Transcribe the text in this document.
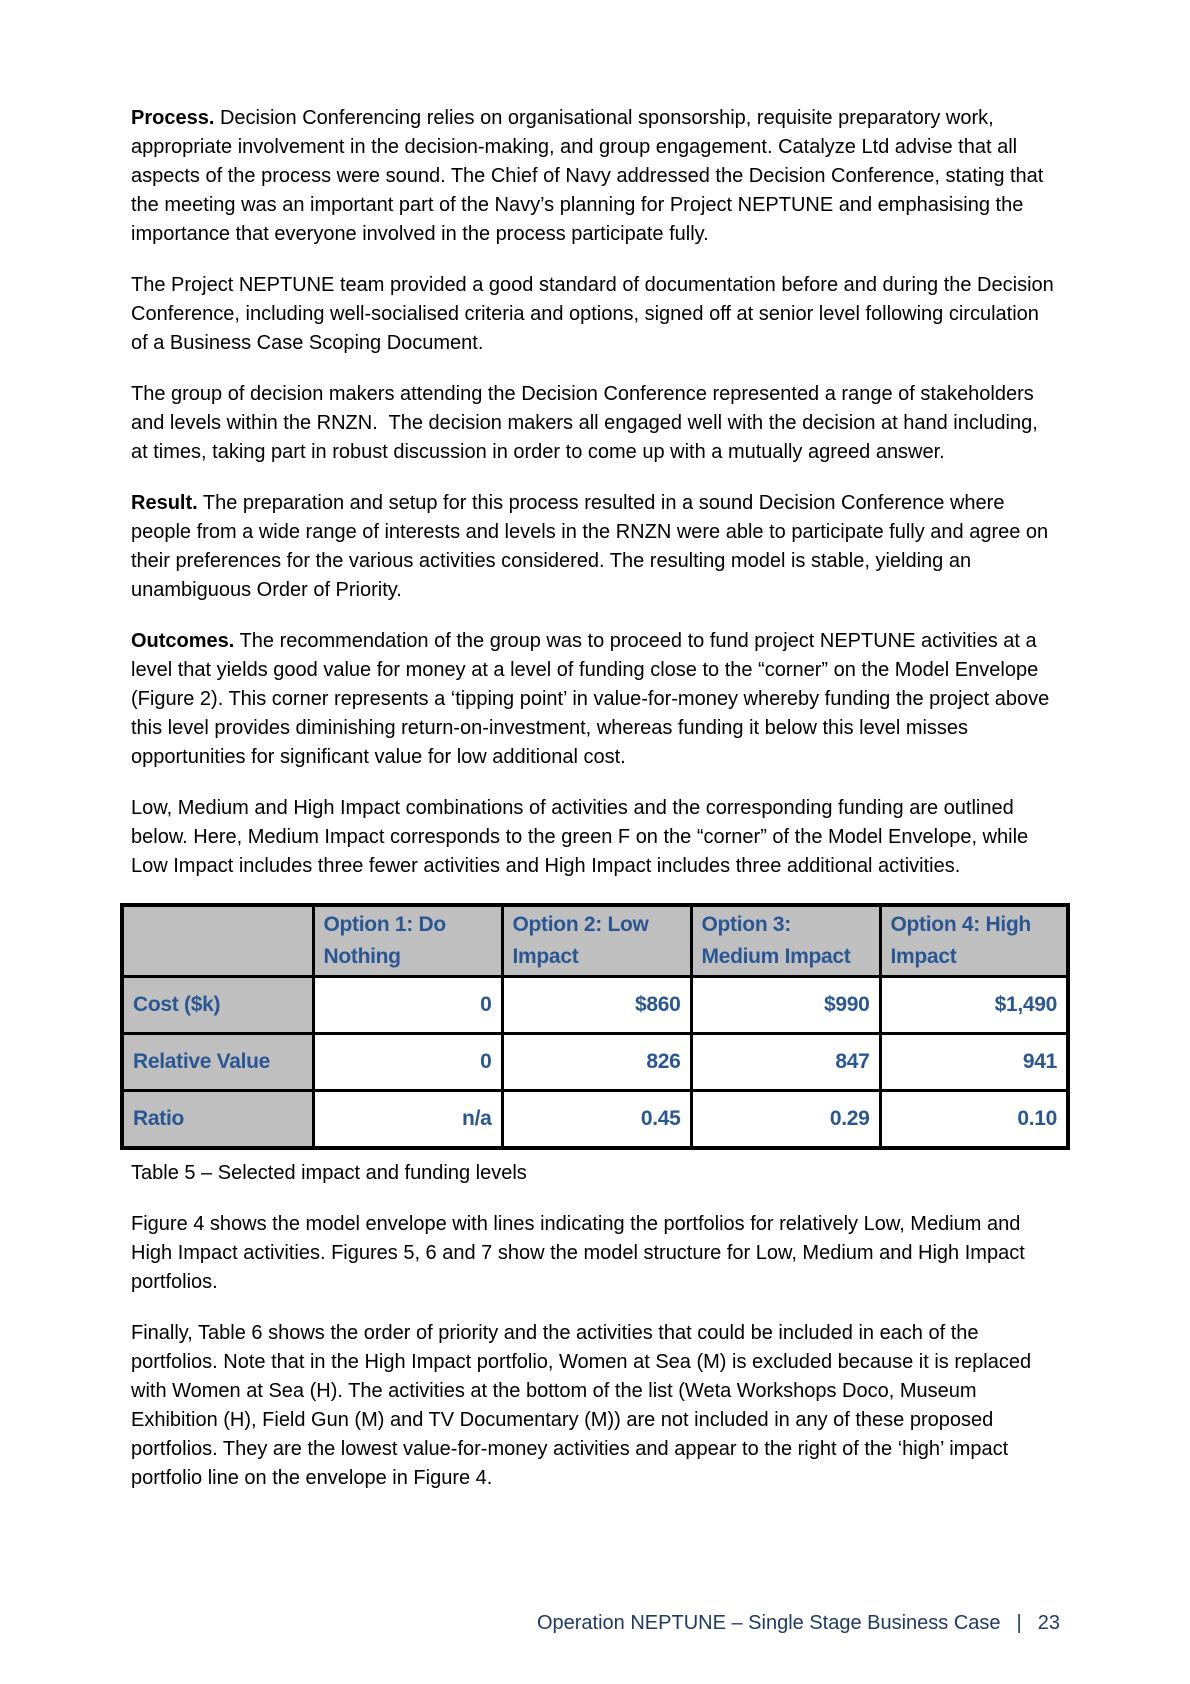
Process. Decision Conferencing relies on organisational sponsorship, requisite preparatory work, appropriate involvement in the decision-making, and group engagement. Catalyze Ltd advise that all aspects of the process were sound. The Chief of Navy addressed the Decision Conference, stating that the meeting was an important part of the Navy’s planning for Project NEPTUNE and emphasising the importance that everyone involved in the process participate fully.

The Project NEPTUNE team provided a good standard of documentation before and during the Decision Conference, including well-socialised criteria and options, signed off at senior level following circulation of a Business Case Scoping Document.

The group of decision makers attending the Decision Conference represented a range of stakeholders and levels within the RNZN.  The decision makers all engaged well with the decision at hand including, at times, taking part in robust discussion in order to come up with a mutually agreed answer.

Result. The preparation and setup for this process resulted in a sound Decision Conference where people from a wide range of interests and levels in the RNZN were able to participate fully and agree on their preferences for the various activities considered. The resulting model is stable, yielding an unambiguous Order of Priority.

Outcomes. The recommendation of the group was to proceed to fund project NEPTUNE activities at a level that yields good value for money at a level of funding close to the “corner” on the Model Envelope (Figure 2). This corner represents a ‘tipping point’ in value-for-money whereby funding the project above this level provides diminishing return-on-investment, whereas funding it below this level misses opportunities for significant value for low additional cost.

Low, Medium and High Impact combinations of activities and the corresponding funding are outlined below. Here, Medium Impact corresponds to the green F on the “corner” of the Model Envelope, while Low Impact includes three fewer activities and High Impact includes three additional activities.

	Option 1: Do Nothing	Option 2: Low Impact	Option 3: Medium Impact	Option 4: High Impact
Cost ($k)	0	$860	$990	$1,490
Relative Value	0	826	847	941
Ratio	n/a	0.45	0.29	0.10

Table 5 – Selected impact and funding levels

Figure 4 shows the model envelope with lines indicating the portfolios for relatively Low, Medium and High Impact activities. Figures 5, 6 and 7 show the model structure for Low, Medium and High Impact portfolios.

Finally, Table 6 shows the order of priority and the activities that could be included in each of the portfolios. Note that in the High Impact portfolio, Women at Sea (M) is excluded because it is replaced with Women at Sea (H). The activities at the bottom of the list (Weta Workshops Doco, Museum Exhibition (H), Field Gun (M) and TV Documentary (M)) are not included in any of these proposed portfolios. They are the lowest value-for-money activities and appear to the right of the ‘high’ impact portfolio line on the envelope in Figure 4.

Operation NEPTUNE – Single Stage Business Case | 23
